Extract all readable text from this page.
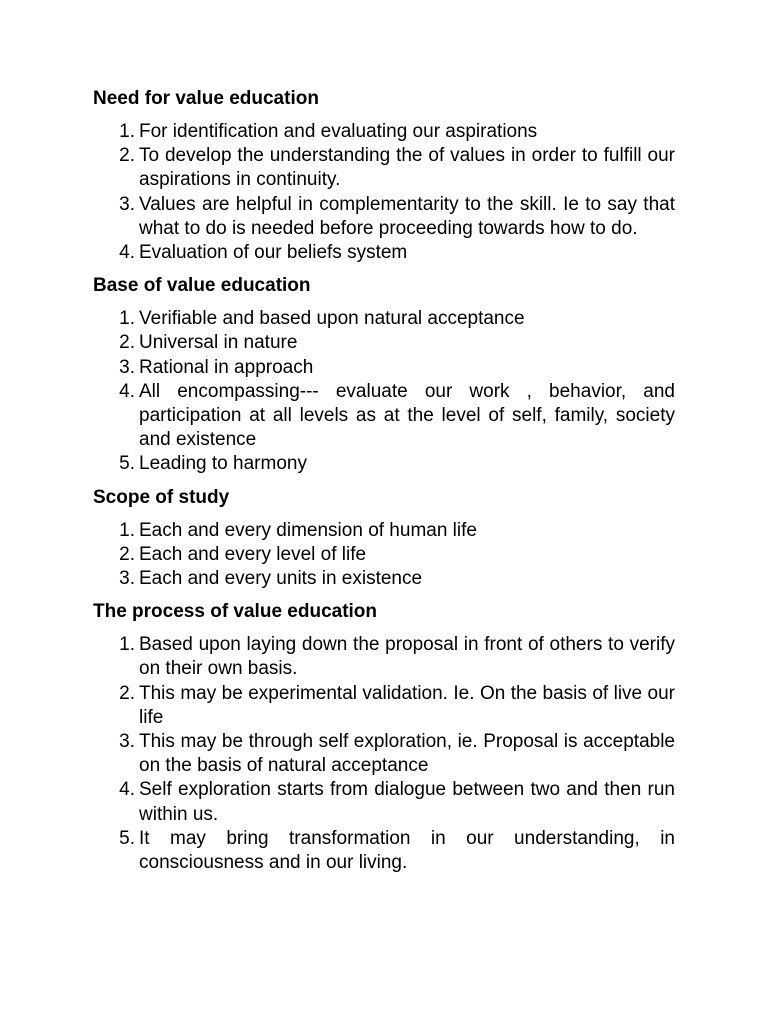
Need for value education
1. For identification and evaluating our aspirations
2. To develop the understanding the of values in order to fulfill our aspirations in continuity.
3. Values are helpful in complementarity to the skill. Ie to say that what to do is needed before proceeding towards how to do.
4. Evaluation of our beliefs system
Base of value education
1. Verifiable and based upon natural acceptance
2. Universal in nature
3. Rational in approach
4. All encompassing--- evaluate our work , behavior, and participation at all levels as at the level of self, family, society and existence
5. Leading to harmony
Scope of study
1. Each and every dimension of human life
2. Each and every level of life
3. Each and every units in existence
The process of value education
1. Based upon laying down the proposal in front of others to verify on their own basis.
2. This may be experimental validation. Ie. On the basis of live our life
3. This may be through self exploration, ie. Proposal is acceptable on the basis of natural acceptance
4. Self exploration starts from dialogue between two and then run within us.
5. It may bring transformation in our understanding, in consciousness and in our living.
